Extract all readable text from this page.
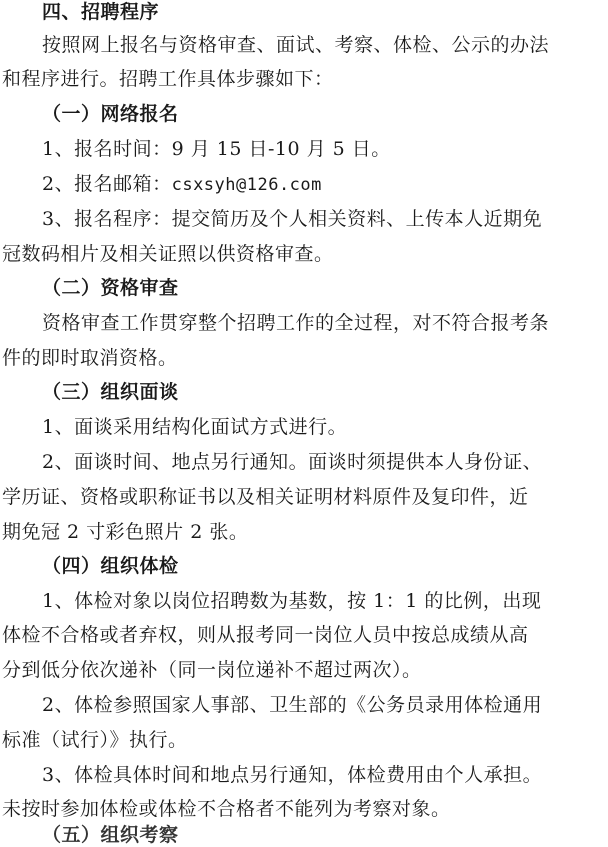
四、招聘程序
按照网上报名与资格审查、面试、考察、体检、公示的办法
和程序进行。招聘工作具体步骤如下：
（一）网络报名
1、报名时间：9 月 15 日-10 月 5 日。
2、报名邮箱：csxsyh@126.com
3、报名程序：提交简历及个人相关资料、上传本人近期免
冠数码相片及相关证照以供资格审查。
（二）资格审查
资格审查工作贯穿整个招聘工作的全过程，对不符合报考条
件的即时取消资格。
（三）组织面谈
1、面谈采用结构化面试方式进行。
2、面谈时间、地点另行通知。面谈时须提供本人身份证、
学历证、资格或职称证书以及相关证明材料原件及复印件，近
期免冠 2 寸彩色照片 2 张。
（四）组织体检
1、体检对象以岗位招聘数为基数，按 1：1 的比例，出现
体检不合格或者弃权，则从报考同一岗位人员中按总成绩从高
分到低分依次递补（同一岗位递补不超过两次）。
2、体检参照国家人事部、卫生部的《公务员录用体检通用
标准（试行）》执行。
3、体检具体时间和地点另行通知，体检费用由个人承担。
未按时参加体检或体检不合格者不能列为考察对象。
（五）组织考察
